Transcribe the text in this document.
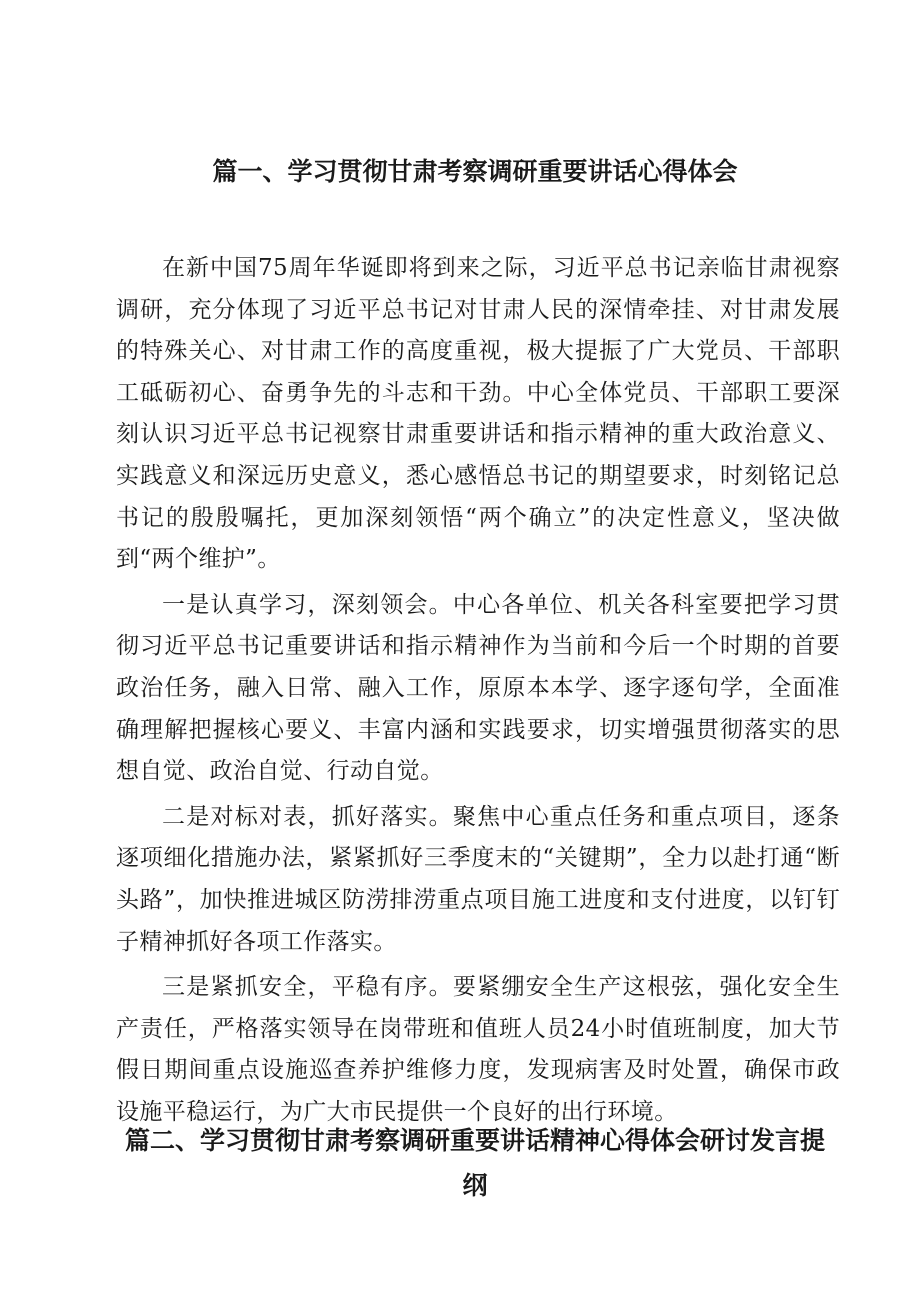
篇一、学习贯彻甘肃考察调研重要讲话心得体会

在新中国75周年华诞即将到来之际，习近平总书记亲临甘肃视察调研，充分体现了习近平总书记对甘肃人民的深情牵挂、对甘肃发展的特殊关心、对甘肃工作的高度重视，极大提振了广大党员、干部职工砥砺初心、奋勇争先的斗志和干劲。中心全体党员、干部职工要深刻认识习近平总书记视察甘肃重要讲话和指示精神的重大政治意义、实践意义和深远历史意义，悉心感悟总书记的期望要求，时刻铭记总书记的殷殷嘱托，更加深刻领悟“两个确立”的决定性意义，坚决做到“两个维护”。

一是认真学习，深刻领会。中心各单位、机关各科室要把学习贯彻习近平总书记重要讲话和指示精神作为当前和今后一个时期的首要政治任务，融入日常、融入工作，原原本本学、逐字逐句学，全面准确理解把握核心要义、丰富内涵和实践要求，切实增强贯彻落实的思想自觉、政治自觉、行动自觉。

二是对标对表，抓好落实。聚焦中心重点任务和重点项目，逐条逐项细化措施办法，紧紧抓好三季度末的“关键期”，全力以赴打通“断头路”，加快推进城区防涝排涝重点项目施工进度和支付进度，以钉钉子精神抓好各项工作落实。

三是紧抓安全，平稳有序。要紧绷安全生产这根弦，强化安全生产责任，严格落实领导在岗带班和值班人员24小时值班制度，加大节假日期间重点设施巡查养护维修力度，发现病害及时处置，确保市政设施平稳运行，为广大市民提供一个良好的出行环境。

篇二、学习贯彻甘肃考察调研重要讲话精神心得体会研讨发言提纲
